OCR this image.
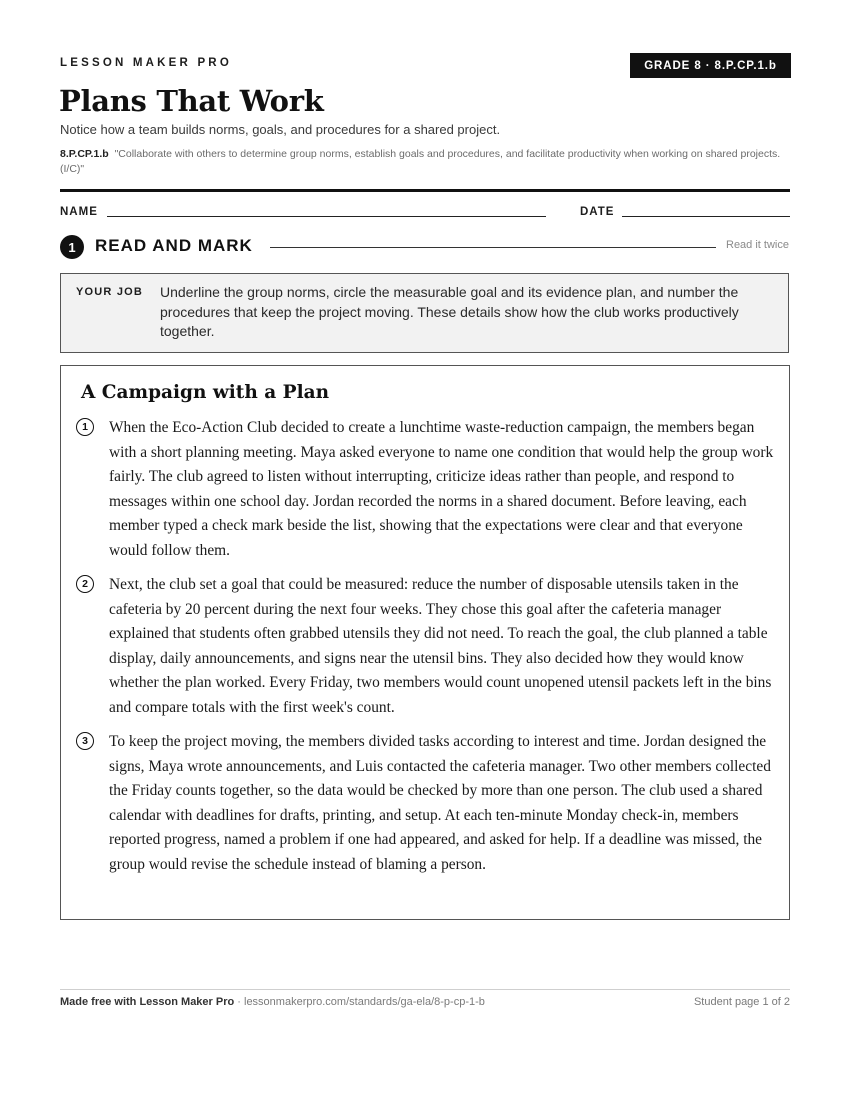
LESSON MAKER PRO	GRADE 8 · 8.P.CP.1.b
Plans That Work
Notice how a team builds norms, goals, and procedures for a shared project.
8.P.CP.1.b "Collaborate with others to determine group norms, establish goals and procedures, and facilitate productivity when working on shared projects. (I/C)"
NAME	DATE
1	READ AND MARK	Read it twice
YOUR JOB Underline the group norms, circle the measurable goal and its evidence plan, and number the procedures that keep the project moving. These details show how the club works productively together.
A Campaign with a Plan
1	When the Eco-Action Club decided to create a lunchtime waste-reduction campaign, the members began with a short planning meeting. Maya asked everyone to name one condition that would help the group work fairly. The club agreed to listen without interrupting, criticize ideas rather than people, and respond to messages within one school day. Jordan recorded the norms in a shared document. Before leaving, each member typed a check mark beside the list, showing that the expectations were clear and that everyone would follow them.

2	Next, the club set a goal that could be measured: reduce the number of disposable utensils taken in the cafeteria by 20 percent during the next four weeks. They chose this goal after the cafeteria manager explained that students often grabbed utensils they did not need. To reach the goal, the club planned a table display, daily announcements, and signs near the utensil bins. They also decided how they would know whether the plan worked. Every Friday, two members would count unopened utensil packets left in the bins and compare totals with the first week's count.

3	To keep the project moving, the members divided tasks according to interest and time. Jordan designed the signs, Maya wrote announcements, and Luis contacted the cafeteria manager. Two other members collected the Friday counts together, so the data would be checked by more than one person. The club used a shared calendar with deadlines for drafts, printing, and setup. At each ten-minute Monday check-in, members reported progress, named a problem if one had appeared, and asked for help. If a deadline was missed, the group would revise the schedule instead of blaming a person.

Made free with Lesson Maker Pro · lessonmakerpro.com/standards/ga-ela/8-p-cp-1-b	Student page 1 of 2
